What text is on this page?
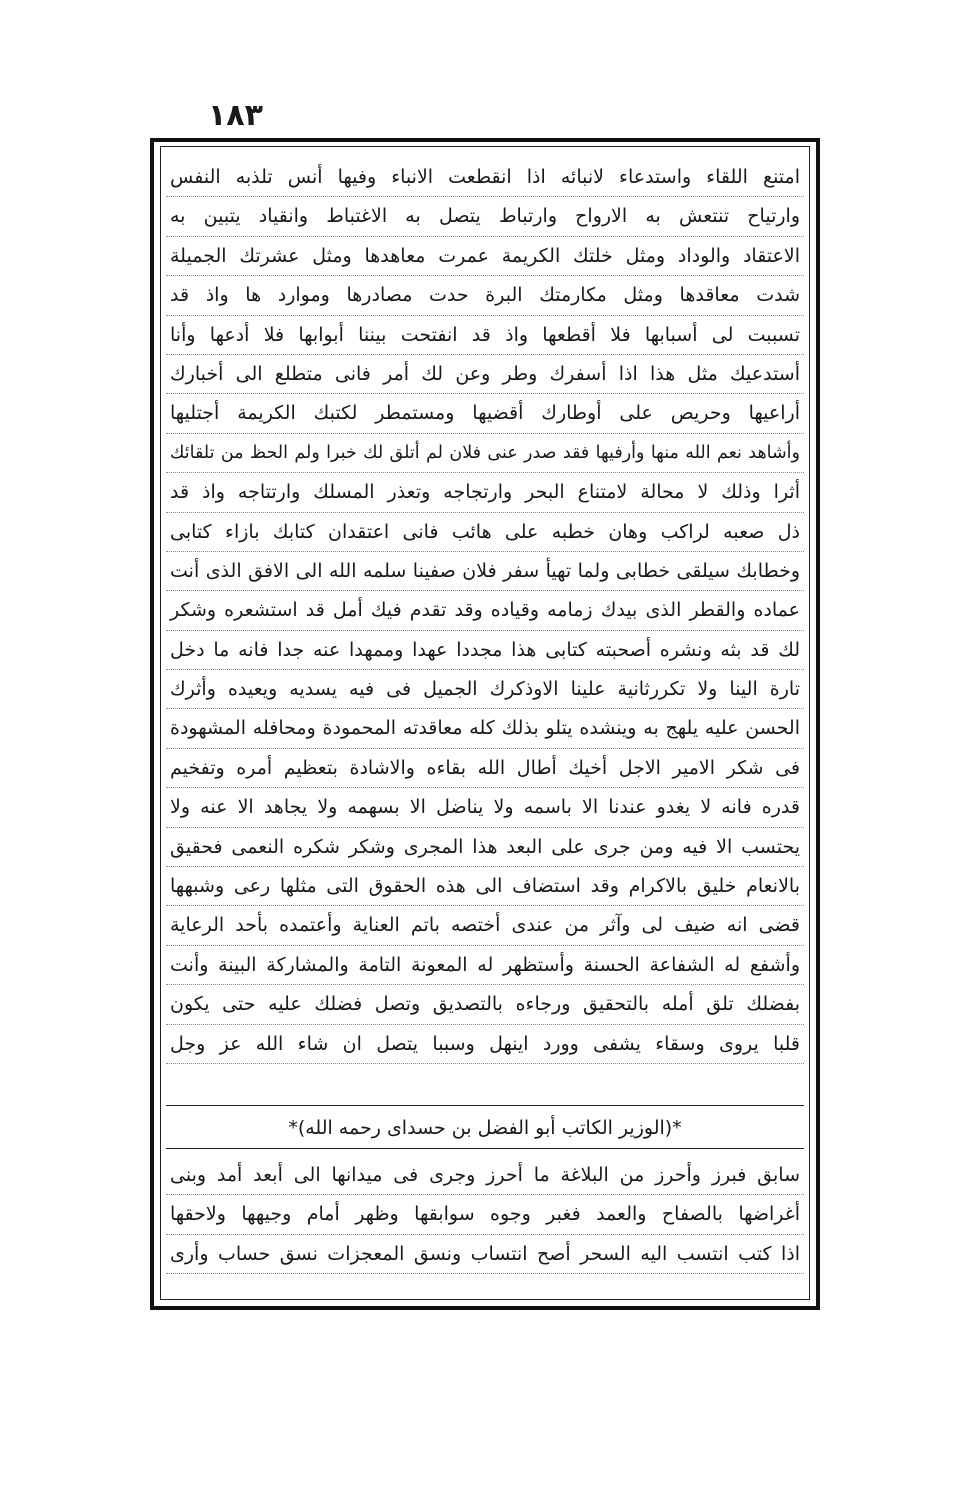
١٨٣
امتنع اللقاء واستدعاء لانبائه اذا انقطعت الانباء وفيها أنس تلذبه النفس
وارتياح تنتعش به الارواح وارتباط يتصل به الاغتباط وانقياد يتبين به
الاعتقاد والوداد ومثل خلتك الكريمة عمرت معاهدها ومثل عشرتك الجميلة
شدت معاقدها ومثل مكارمتك البرة حدت مصادرها وموارد ها واذ قد
تسببت لى أسبابها فلا أقطعها واذ قد انفتحت بيننا أبوابها فلا أدعها وأنا
أستدعيك مثل هذا اذا أسفرك وطر وعن لك أمر فانى متطلع الى أخبارك
أراعيها وحريص على أوطارك أقضيها ومستمطر لكتبك الكريمة أجتليها
وأشاهد نعم الله منها وأرفيها فقد صدر عنى فلان لم أتلق لك خبرا ولم الحظ من تلقائك
أثرا وذلك لا محالة لامتناع البحر وارتجاجه وتعذر المسلك وارتتاجه واذ قد
ذل صعبه لراكب وهان خطبه على هائب فانى اعتقدان كتابك بازاء كتابى
وخطابك سيلقى خطابى ولما تهيأ سفر فلان صفينا سلمه الله الى الافق الذى أنت
عماده والقطر الذى بيدك زمامه وقياده وقد تقدم فيك أمل قد استشعره وشكر
لك قد بثه ونشره أصحبته كتابى هذا مجددا عهدا وممهدا عنه جدا فانه ما دخل
تارة الينا ولا تكررثانية علينا الاوذكرك الجميل فى فيه يسديه ويعيده وأثرك
الحسن عليه يلهج به وينشده يتلو بذلك كله معاقدته المحمودة ومحافله المشهودة
فى شكر الامير الاجل أخيك أطال الله بقاءه والاشادة بتعظيم أمره وتفخيم
قدره فانه لا يغدو عندنا الا باسمه ولا يناضل الا بسهمه ولا يجاهد الا عنه ولا
يحتسب الا فيه ومن جرى على البعد هذا المجرى وشكر شكره النعمى فحقيق
بالانعام خليق بالاكرام وقد استضاف الى هذه الحقوق التى مثلها رعى وشبهها
قضى انه ضيف لى وآثر من عندى أختصه باتم العناية وأعتمده بأحد الرعاية
وأشفع له الشفاعة الحسنة وأستظهر له المعونة التامة والمشاركة البينة وأنت
بفضلك تلق أمله بالتحقيق ورجاءه بالتصديق وتصل فضلك عليه حتى يكون
قلبا يروى وسقاء يشفى وورد اينهل وسببا يتصل ان شاء الله عز وجل
*(الوزير الكاتب أبو الفضل بن حسداى رحمه الله)*
سابق فبرز وأحرز من البلاغة ما أحرز وجرى فى ميدانها الى أبعد أمد وبنى
أغراضها بالصفاح والعمد فغبر وجوه سوابقها وظهر أمام وجيهها ولاحقها
اذا كتب انتسب اليه السحر أصح انتساب ونسق المعجزات نسق حساب وأرى
